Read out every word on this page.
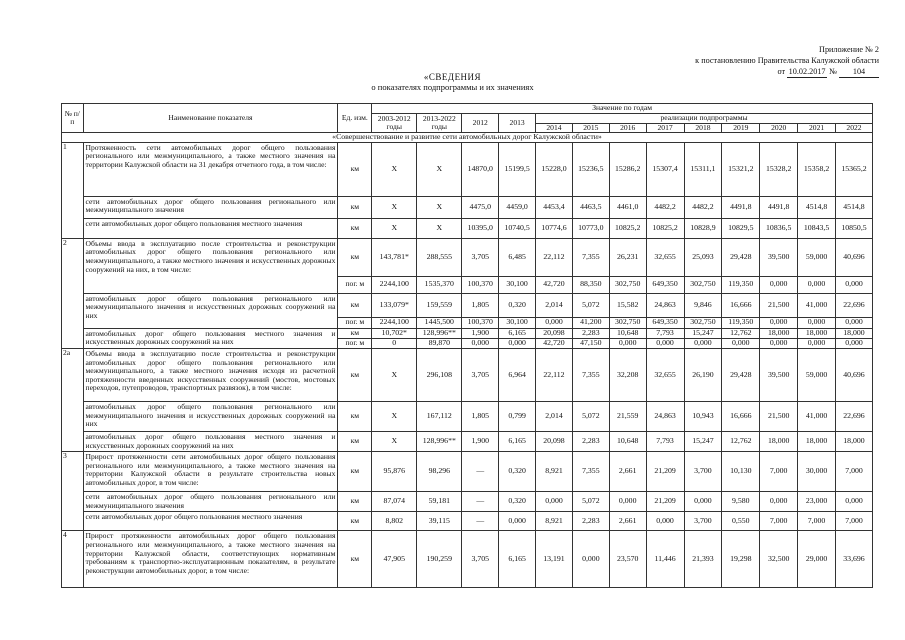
Приложение № 2
к постановлению Правительства Калужской области
от 10.02.2017 № 104
«СВЕДЕНИЯ
о показателях подпрограммы и их значениях
№ п/п	Наименование показателя	Ед. изм.	Значение по годам												
			2003-2012 годы	2013-2022 годы	2012	2013	реализации подпрограммы								
							2014	2015	2016	2017	2018	2019	2020	2021	2022
«Совершенствование и развитие сети автомобильных дорог Калужской области»															
1	Протяженность сети автомобильных дорог общего пользования регионального или межмуниципального, а также местного значения на территории Калужской области на 31 декабря отчетного года, в том числе:	км	X	X	14870,0	15199,5	15228,0	15236,5	15286,2	15307,4	15311,1	15321,2	15328,2	15358,2	15365,2
	сети автомобильных дорог общего пользования регионального или межмуниципального значения	км	X	X	4475,0	4459,0	4453,4	4463,5	4461,0	4482,2	4482,2	4491,8	4491,8	4514,8	4514,8
	сети автомобильных дорог общего пользования местного значения	км	X	X	10395,0	10740,5	10774,6	10773,0	10825,2	10825,2	10828,9	10829,5	10836,5	10843,5	10850,5
2	Объемы ввода в эксплуатацию после строительства и реконструкции автомобильных дорог общего пользования регионального или межмуниципального, а также местного значения и искусственных дорожных сооружений на них, в том числе:	км	143,781*	288,555	3,705	6,485	22,112	7,355	26,231	32,655	25,093	29,428	39,500	59,000	40,696
		пог. м	2244,100	1535,370	100,370	30,100	42,720	88,350	302,750	649,350	302,750	119,350	0,000	0,000	0,000
	автомобильных дорог общего пользования регионального или межмуниципального значения и искусственных дорожных сооружений на них	км	133,079*	159,559	1,805	0,320	2,014	5,072	15,582	24,863	9,846	16,666	21,500	41,000	22,696
		пог. м	2244,100	1445,500	100,370	30,100	0,000	41,200	302,750	649,350	302,750	119,350	0,000	0,000	0,000
	автомобильных дорог общего пользования местного значения и искусственных дорожных сооружений на них	км	10,702*	128,996**	1,900	6,165	20,098	2,283	10,648	7,793	15,247	12,762	18,000	18,000	18,000
		пог. м	0	89,870	0,000	0,000	42,720	47,150	0,000	0,000	0,000	0,000	0,000	0,000	0,000
2а	Объемы ввода в эксплуатацию после строительства и реконструкции автомобильных дорог общего пользования регионального или межмуниципального, а также местного значения исходя из расчетной протяженности введенных искусственных сооружений (мостов, мостовых переходов, путепроводов, транспортных развязок), в том числе:	км	X	296,108	3,705	6,964	22,112	7,355	32,208	32,655	26,190	29,428	39,500	59,000	40,696
	автомобильных дорог общего пользования регионального или межмуниципального значения и искусственных дорожных сооружений на них	км	X	167,112	1,805	0,799	2,014	5,072	21,559	24,863	10,943	16,666	21,500	41,000	22,696
	автомобильных дорог общего пользования местного значения и искусственных дорожных сооружений на них	км	X	128,996**	1,900	6,165	20,098	2,283	10,648	7,793	15,247	12,762	18,000	18,000	18,000
3	Прирост протяженности сети автомобильных дорог общего пользования регионального или межмуниципального, а также местного значения на территории Калужской области в результате строительства новых автомобильных дорог, в том числе:	км	95,876	98,296	—	0,320	8,921	7,355	2,661	21,209	3,700	10,130	7,000	30,000	7,000
	сети автомобильных дорог общего пользования регионального или межмуниципального значения	км	87,074	59,181	—	0,320	0,000	5,072	0,000	21,209	0,000	9,580	0,000	23,000	0,000
	сети автомобильных дорог общего пользования местного значения	км	8,802	39,115	—	0,000	8,921	2,283	2,661	0,000	3,700	0,550	7,000	7,000	7,000
4	Прирост протяженности автомобильных дорог общего пользования регионального или межмуниципального, а также местного значения на территории Калужской области, соответствующих нормативным требованиям к транспортно-эксплуатационным показателям, в результате реконструкции автомобильных дорог, в том числе:	км	47,905	190,259	3,705	6,165	13,191	0,000	23,570	11,446	21,393	19,298	32,500	29,000	33,696
